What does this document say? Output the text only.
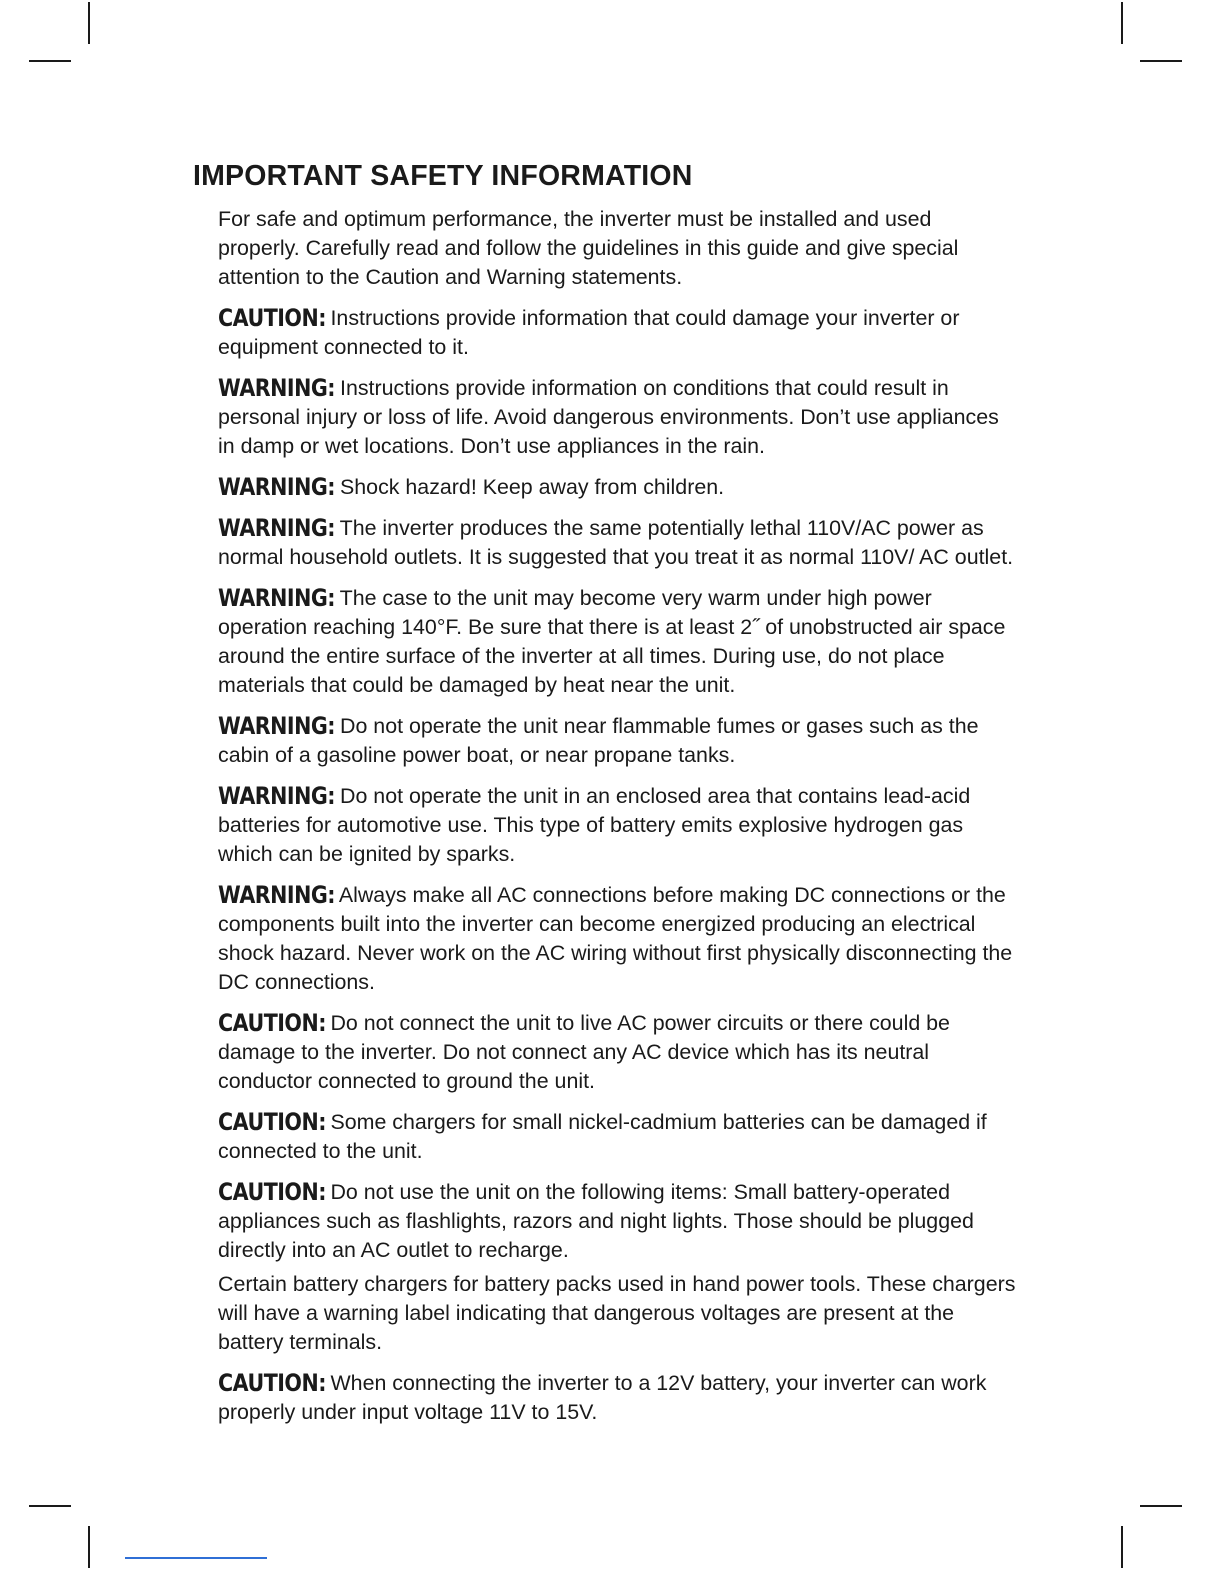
IMPORTANT SAFETY INFORMATION

For safe and optimum performance, the inverter must be installed and used properly. Carefully read and follow the guidelines in this guide and give special attention to the Caution and Warning statements.

CAUTION: Instructions provide information that could damage your inverter or equipment connected to it.

WARNING: Instructions provide information on conditions that could result in personal injury or loss of life. Avoid dangerous environments. Don’t use appliances in damp or wet locations. Don’t use appliances in the rain.

WARNING: Shock hazard! Keep away from children.

WARNING: The inverter produces the same potentially lethal 110V/AC power as normal household outlets. It is suggested that you treat it as normal 110V/ AC outlet.

WARNING: The case to the unit may become very warm under high power operation reaching 140°F. Be sure that there is at least 2˝ of unobstructed air space around the entire surface of the inverter at all times. During use, do not place materials that could be damaged by heat near the unit.

WARNING: Do not operate the unit near flammable fumes or gases such as the cabin of a gasoline power boat, or near propane tanks.

WARNING: Do not operate the unit in an enclosed area that contains lead-acid batteries for automotive use. This type of battery emits explosive hydrogen gas which can be ignited by sparks.

WARNING: Always make all AC connections before making DC connections or the components built into the inverter can become energized producing an electrical shock hazard. Never work on the AC wiring without first physically disconnecting the DC connections.

CAUTION: Do not connect the unit to live AC power circuits or there could be damage to the inverter. Do not connect any AC device which has its neutral conductor connected to ground the unit.

CAUTION: Some chargers for small nickel-cadmium batteries can be damaged if connected to the unit.

CAUTION: Do not use the unit on the following items: Small battery-operated appliances such as flashlights, razors and night lights. Those should be plugged directly into an AC outlet to recharge.

Certain battery chargers for battery packs used in hand power tools. These chargers will have a warning label indicating that dangerous voltages are present at the battery terminals.

CAUTION: When connecting the inverter to a 12V battery, your inverter can work properly under input voltage 11V to 15V.
